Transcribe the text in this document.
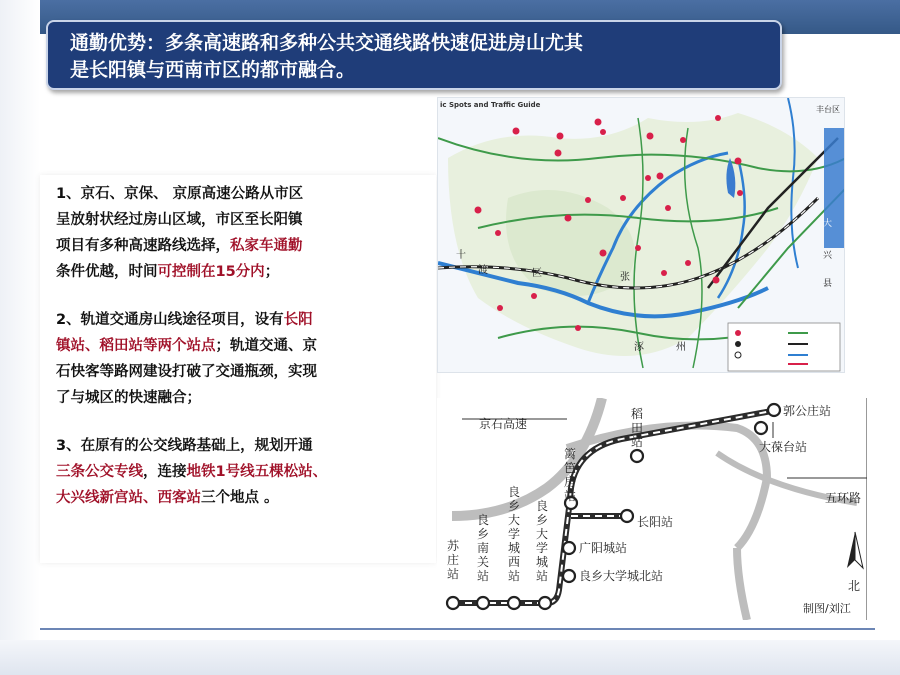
通勤优势：多条高速路和多种公共交通线路快速促进房山尤其
是长阳镇与西南市区的都市融合。

1、京石、京保、 京原高速公路从市区
呈放射状经过房山区域，市区至长阳镇
项目有多种高速路线选择，私家车通勤
条件优越，时间可控制在15分内；

2、轨道交通房山线途径项目，设有长阳
镇站、稻田站等两个站点；轨道交通、京
石快客等路网建设打破了交通瓶颈，实现
了与城区的快速融合；

3、在原有的公交线路基础上，规划开通
三条公交专线，连接地铁1号线五棵松站、
大兴线新宫站、西客站三个地点 。

ic Spots and Traffic Guide	丰台区
大
兴
县
十
渡	区
涿	州
张
京石高速
五环路
苏庄站
良乡南关站
良乡大学城西站
良乡大学城站
篱笆房站
稻田站
广阳城站
良乡大学城北站
长阳站
大葆台站
郭公庄站
北
制图/刘江
